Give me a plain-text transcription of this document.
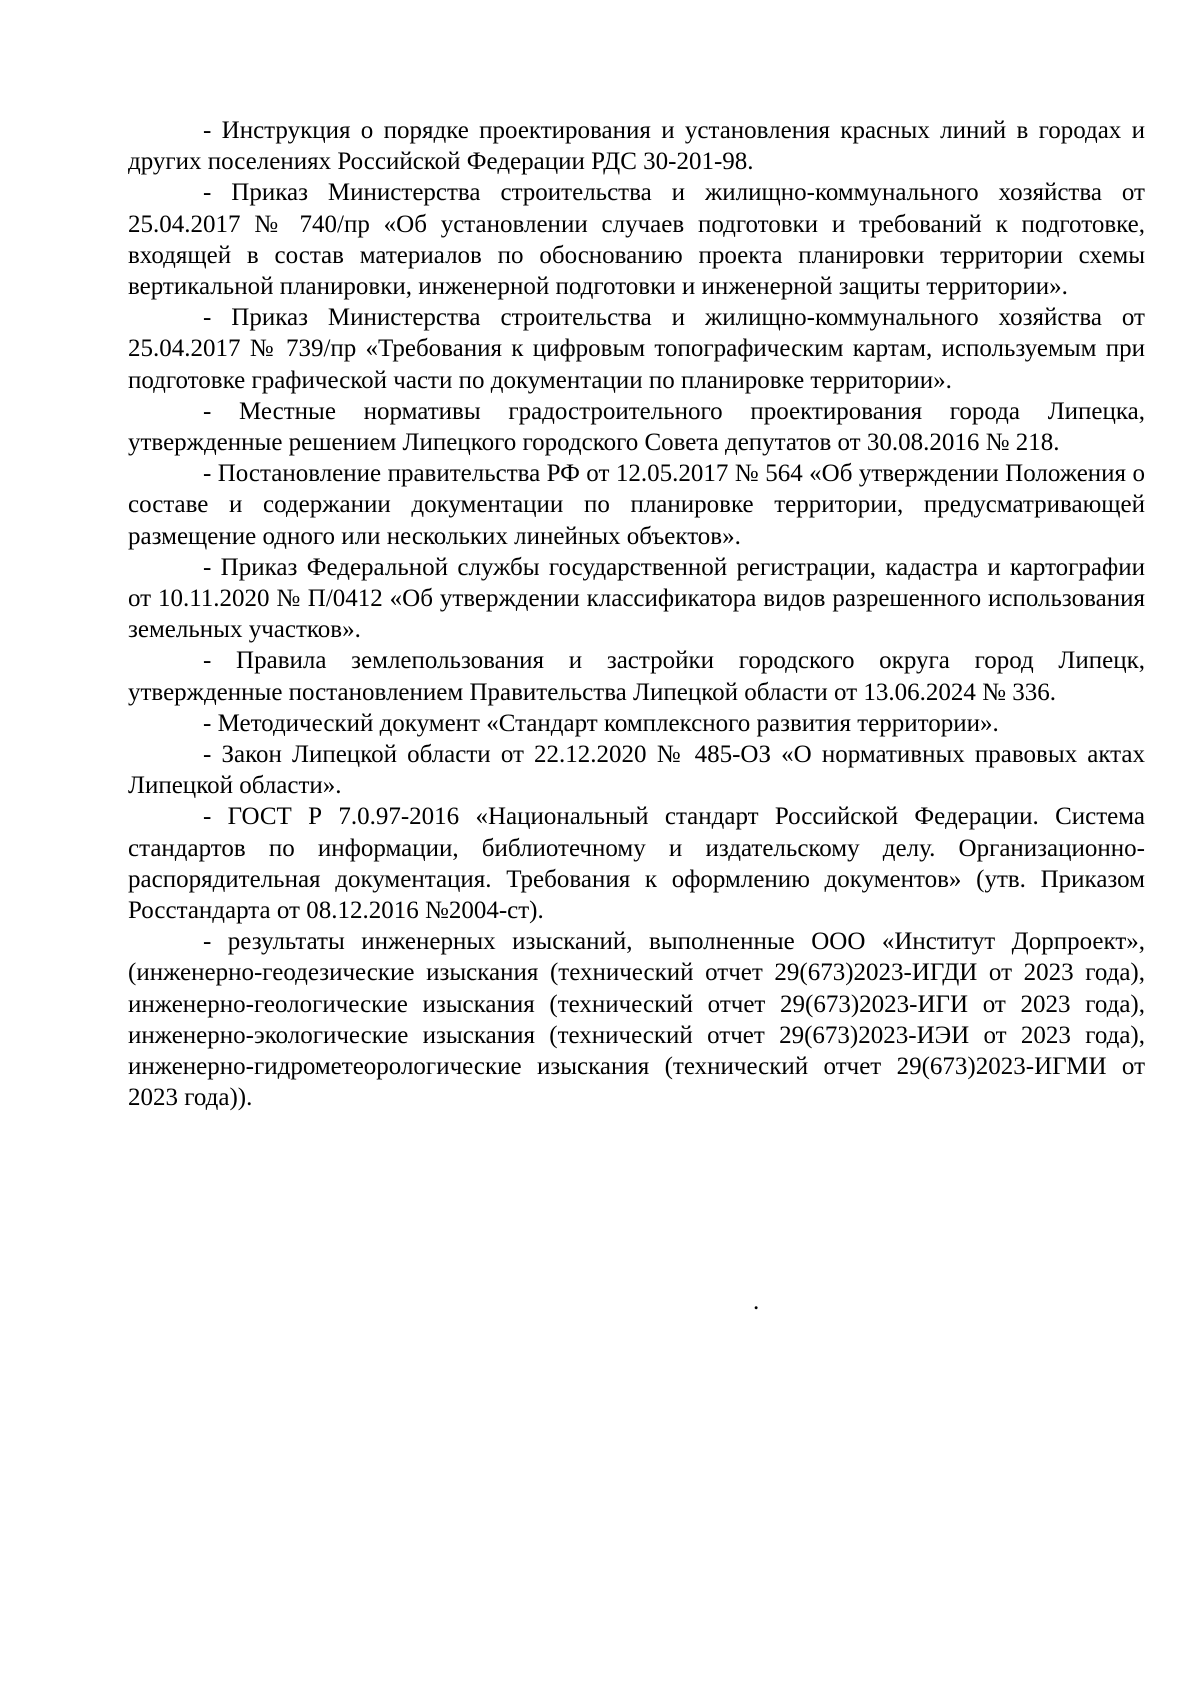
- Инструкция о порядке проектирования и установления красных линий в городах и других поселениях Российской Федерации РДС 30-201-98.

- Приказ Министерства строительства и жилищно-коммунального хозяйства от 25.04.2017 № 740/пр «Об установлении случаев подготовки и требований к подготовке, входящей в состав материалов по обоснованию проекта планировки территории схемы вертикальной планировки, инженерной подготовки и инженерной защиты территории».

- Приказ Министерства строительства и жилищно-коммунального хозяйства от 25.04.2017 № 739/пр «Требования к цифровым топографическим картам, используемым при подготовке графической части по документации по планировке территории».

- Местные нормативы градостроительного проектирования города Липецка, утвержденные решением Липецкого городского Совета депутатов от 30.08.2016 № 218.

- Постановление правительства РФ от 12.05.2017 № 564 «Об утверждении Положения о составе и содержании документации по планировке территории, предусматривающей размещение одного или нескольких линейных объектов».

- Приказ Федеральной службы государственной регистрации, кадастра и картографии от 10.11.2020 № П/0412 «Об утверждении классификатора видов разрешенного использования земельных участков».

- Правила землепользования и застройки городского округа город Липецк, утвержденные постановлением Правительства Липецкой области от 13.06.2024 № 336.

- Методический документ «Стандарт комплексного развития территории».

- Закон Липецкой области от 22.12.2020 № 485-ОЗ «О нормативных правовых актах Липецкой области».

- ГОСТ Р 7.0.97-2016 «Национальный стандарт Российской Федерации. Система стандартов по информации, библиотечному и издательскому делу. Организационно-распорядительная документация. Требования к оформлению документов» (утв. Приказом Росстандарта от 08.12.2016 №2004-ст).

- результаты инженерных изысканий, выполненные ООО «Институт Дорпроект», (инженерно-геодезические изыскания (технический отчет 29(673)2023-ИГДИ от 2023 года), инженерно-геологические изыскания (технический отчет 29(673)2023-ИГИ от 2023 года), инженерно-экологические изыскания (технический отчет 29(673)2023-ИЭИ от 2023 года), инженерно-гидрометеорологические изыскания (технический отчет 29(673)2023-ИГМИ от 2023 года)).

.
